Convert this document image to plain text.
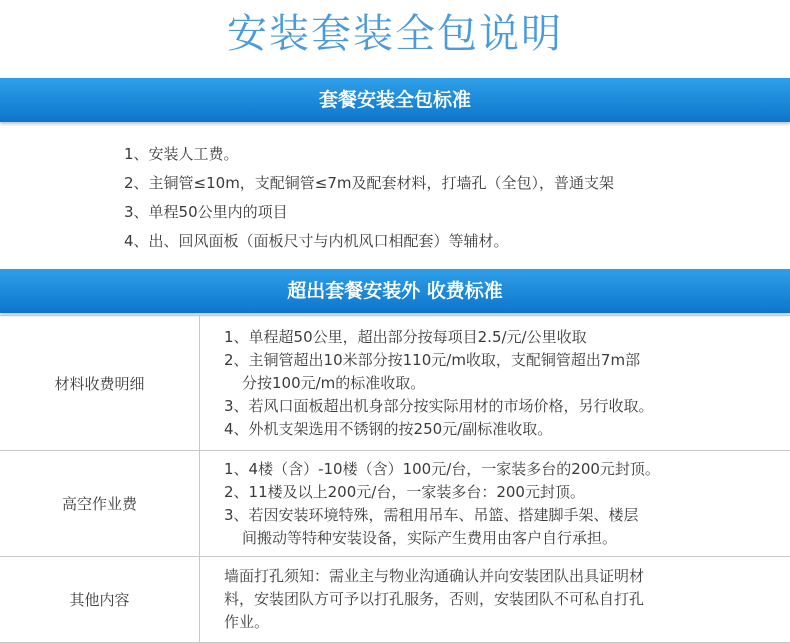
安装套装全包说明
套餐安装全包标准
1、安装人工费。
2、主铜管≤10m，支配铜管≤7m及配套材料，打墙孔（全包），普通支架
3、单程50公里内的项目
4、出、回风面板（面板尺寸与内机风口相配套）等辅材。
超出套餐安装外 收费标准
材料收费明细	1、单程超50公里，超出部分按每项目2.5/元/公里收取
2、主铜管超出10米部分按110元/m收取，支配铜管超出7m部
分按100元/m的标准收取。
3、若风口面板超出机身部分按实际用材的市场价格，另行收取。
4、外机支架选用不锈钢的按250元/副标准收取。

高空作业费	1、4楼（含）-10楼（含）100元/台，一家装多台的200元封顶。
2、11楼及以上200元/台，一家装多台：200元封顶。
3、若因安装环境特殊，需租用吊车、吊篮、搭建脚手架、楼层
间搬动等特种安装设备，实际产生费用由客户自行承担。

其他内容	墙面打孔须知：需业主与物业沟通确认并向安装团队出具证明材
料，安装团队方可予以打孔服务，否则，安装团队不可私自打孔
作业。
